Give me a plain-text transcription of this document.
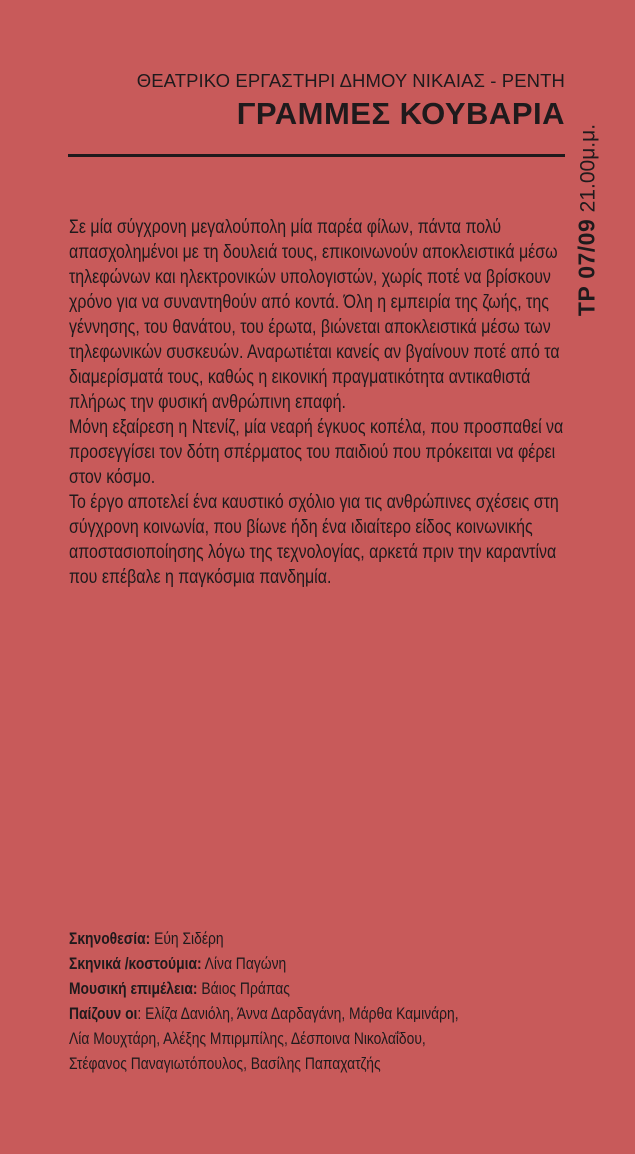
ΘΕΑΤΡΙΚΟ ΕΡΓΑΣΤΗΡΙ ΔΗΜΟΥ ΝΙΚΑΙΑΣ - ΡΕΝΤΗ
ΓΡΑΜΜΕΣ ΚΟΥΒΑΡΙΑ
ΤΡ 07/09 21.00μ.μ.

Σε μία σύγχρονη μεγαλούπολη μία παρέα φίλων, πάντα πολύ απασχολημένοι με τη δουλειά τους, επικοινωνούν αποκλειστικά μέσω τηλεφώνων και ηλεκτρονικών υπολογιστών, χωρίς ποτέ να βρίσκουν χρόνο για να συναντηθούν από κοντά. Όλη η εμπειρία της ζωής, της γέννησης, του θανάτου, του έρωτα, βιώνεται αποκλειστικά μέσω των τηλεφωνικών συσκευών. Αναρωτιέται κανείς αν βγαίνουν ποτέ από τα διαμερίσματά τους, καθώς η εικονική πραγματικότητα αντικαθιστά πλήρως την φυσική ανθρώπινη επαφή.

Μόνη εξαίρεση η Ντενίζ, μία νεαρή έγκυος κοπέλα, που προσπαθεί να προσεγγίσει τον δότη σπέρματος του παιδιού που πρόκειται να φέρει στον κόσμο.

Το έργο αποτελεί ένα καυστικό σχόλιο για τις ανθρώπινες σχέσεις στη σύγχρονη κοινωνία, που βίωνε ήδη ένα ιδιαίτερο είδος κοινωνικής αποστασιοποίησης λόγω της τεχνολογίας, αρκετά πριν την καραντίνα που επέβαλε η παγκόσμια πανδημία.

Σκηνοθεσία: Εύη Σιδέρη
Σκηνικά /κοστούμια: Λίνα Παγώνη
Μουσική επιμέλεια: Βάιος Πράπας
Παίζουν οι: Ελίζα Δανιόλη, Άννα Δαρδαγάνη, Μάρθα Καμινάρη,
Λία Μουχτάρη, Αλέξης Μπιρμπίλης, Δέσποινα Νικολαΐδου,
Στέφανος Παναγιωτόπουλος, Βασίλης Παπαχατζής
